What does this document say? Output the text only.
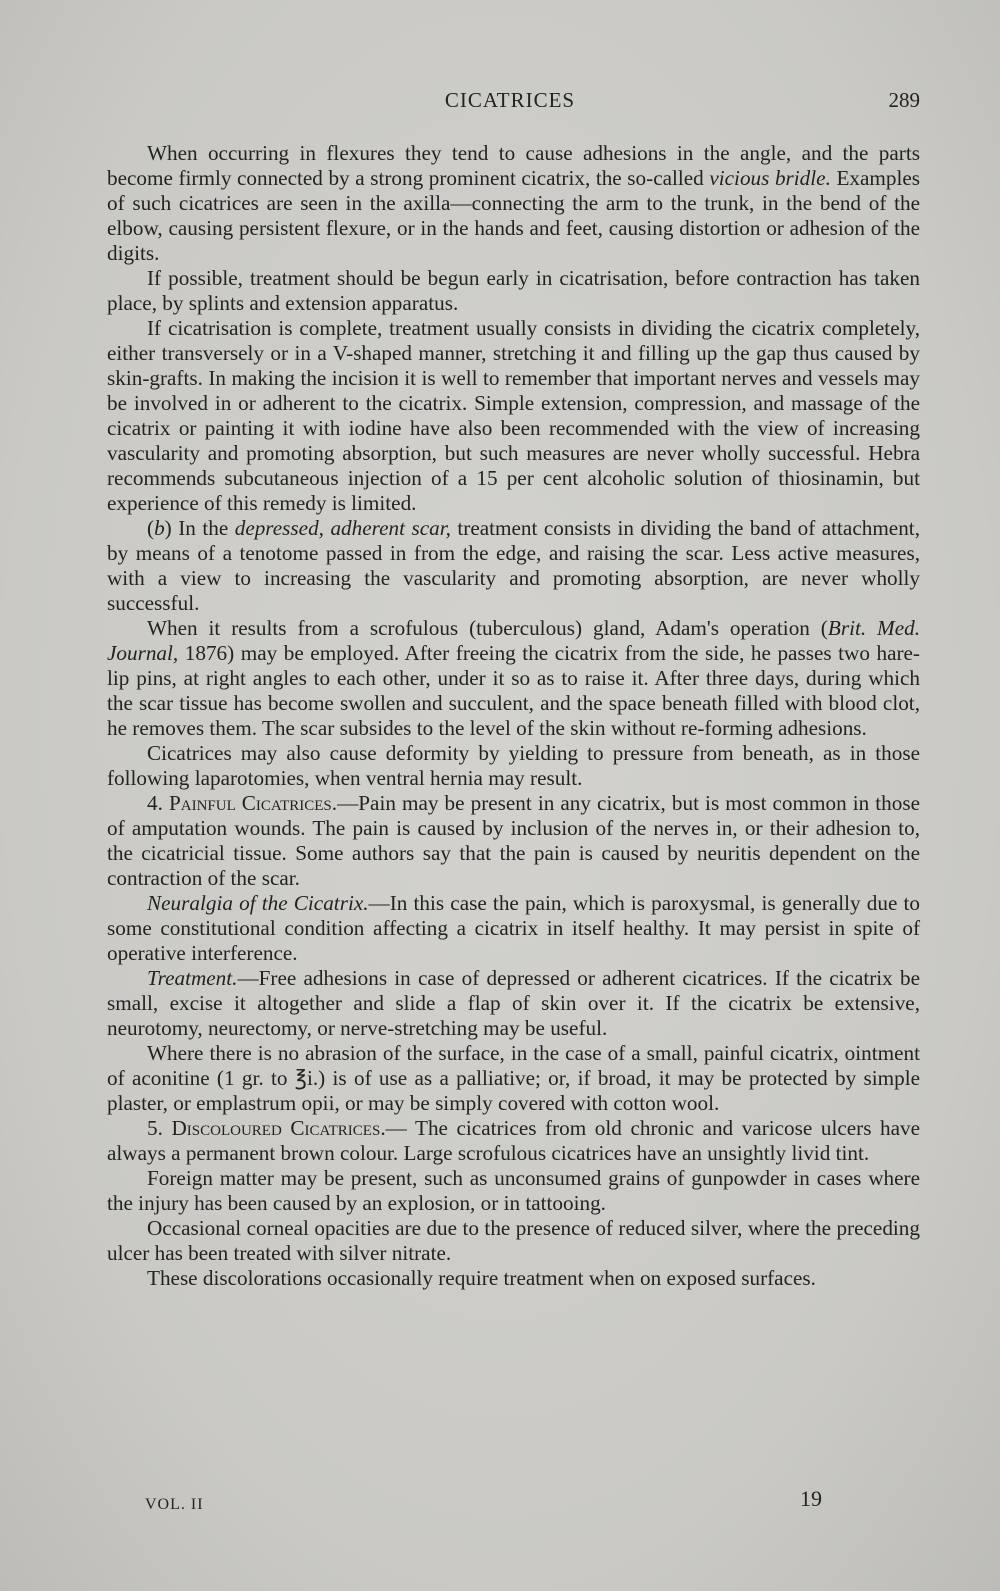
CICATRICES	289

When occurring in flexures they tend to cause adhesions in the angle, and the parts become firmly connected by a strong prominent cicatrix, the so-called vicious bridle. Examples of such cicatrices are seen in the axilla—connecting the arm to the trunk, in the bend of the elbow, causing persistent flexure, or in the hands and feet, causing distortion or adhesion of the digits.

If possible, treatment should be begun early in cicatrisation, before contraction has taken place, by splints and extension apparatus.

If cicatrisation is complete, treatment usually consists in dividing the cicatrix completely, either transversely or in a V-shaped manner, stretching it and filling up the gap thus caused by skin-grafts. In making the incision it is well to remember that important nerves and vessels may be involved in or adherent to the cicatrix. Simple extension, compression, and massage of the cicatrix or painting it with iodine have also been recommended with the view of increasing vascularity and promoting absorption, but such measures are never wholly successful. Hebra recommends subcutaneous injection of a 15 per cent alcoholic solution of thiosinamin, but experience of this remedy is limited.

(b) In the depressed, adherent scar, treatment consists in dividing the band of attachment, by means of a tenotome passed in from the edge, and raising the scar. Less active measures, with a view to increasing the vascularity and promoting absorption, are never wholly successful.

When it results from a scrofulous (tuberculous) gland, Adam's operation (Brit. Med. Journal, 1876) may be employed. After freeing the cicatrix from the side, he passes two hare-lip pins, at right angles to each other, under it so as to raise it. After three days, during which the scar tissue has become swollen and succulent, and the space beneath filled with blood clot, he removes them. The scar subsides to the level of the skin without re-forming adhesions.

Cicatrices may also cause deformity by yielding to pressure from beneath, as in those following laparotomies, when ventral hernia may result.

4. Painful Cicatrices.—Pain may be present in any cicatrix, but is most common in those of amputation wounds. The pain is caused by inclusion of the nerves in, or their adhesion to, the cicatricial tissue. Some authors say that the pain is caused by neuritis dependent on the contraction of the scar.

Neuralgia of the Cicatrix.—In this case the pain, which is paroxysmal, is generally due to some constitutional condition affecting a cicatrix in itself healthy. It may persist in spite of operative interference.

Treatment.—Free adhesions in case of depressed or adherent cicatrices. If the cicatrix be small, excise it altogether and slide a flap of skin over it. If the cicatrix be extensive, neurotomy, neurectomy, or nerve-stretching may be useful.

Where there is no abrasion of the surface, in the case of a small, painful cicatrix, ointment of aconitine (1 gr. to ℥i.) is of use as a palliative; or, if broad, it may be protected by simple plaster, or emplastrum opii, or may be simply covered with cotton wool.

5. Discoloured Cicatrices.— The cicatrices from old chronic and varicose ulcers have always a permanent brown colour. Large scrofulous cicatrices have an unsightly livid tint.

Foreign matter may be present, such as unconsumed grains of gunpowder in cases where the injury has been caused by an explosion, or in tattooing.

Occasional corneal opacities are due to the presence of reduced silver, where the preceding ulcer has been treated with silver nitrate.

These discolorations occasionally require treatment when on exposed surfaces.

VOL. II	19
